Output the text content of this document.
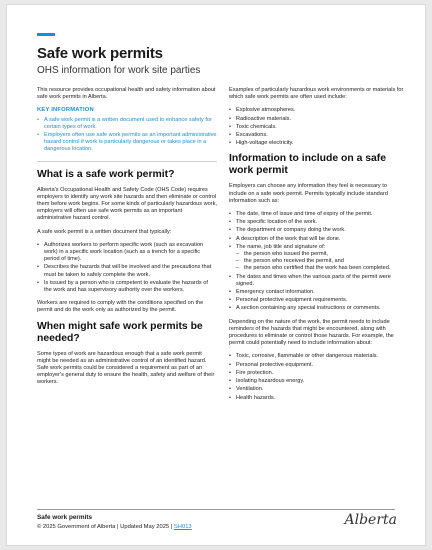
Safe work permits
OHS information for work site parties

This resource provides occupational health and safety information about safe work permits in Alberta.

KEY INFORMATION
• A safe work permit is a written document used to enhance safety for certain types of work.
• Employers often use safe work permits as an important administrative hazard control if work is particularly dangerous or takes place in a dangerous location.
What is a safe work permit?

Alberta's Occupational Health and Safety Code (OHS Code) requires employers to identify any work site hazards and then eliminate or control them before work begins. For some kinds of particularly hazardous work, employers will often use safe work permits as an important administrative hazard control.

A safe work permit is a written document that typically:

• Authorizes workers to perform specific work (such as excavation work) in a specific work location (such as a trench for a specific period of time).
• Describes the hazards that will be involved and the precautions that must be taken to safely complete the work.
• Is issued by a person who is competent to evaluate the hazards of the work and has supervisory authority over the workers.

Workers are required to comply with the conditions specified on the permit and do the work only as authorized by the permit.

When might safe work permits be needed?

Some types of work are hazardous enough that a safe work permit might be needed as an administrative control of an identified hazard. Safe work permits could be considered a requirement as part of an employer's general duty to ensure the health, safety and welfare of their workers.

Examples of particularly hazardous work environments or materials for which safe work permits are often used include:

• Explosive atmospheres.
• Radioactive materials.
• Toxic chemicals.
• Excavations.
• High-voltage electricity.
Information to include on a safe work permit

Employers can choose any information they feel is necessary to include on a safe work permit. Permits typically include standard information such as:

• The date, time of issue and time of expiry of the permit.
• The specific location of the work.
• The department or company doing the work.
• A description of the work that will be done.
• The name, job title and signature of:
– the person who issued the permit,
– the person who received the permit, and
– the person who certified that the work has been completed.
• The dates and times when the various parts of the permit were signed.
• Emergency contact information.
• Personal protective equipment requirements.
• A section containing any special instructions or comments.

Depending on the nature of the work, the permit needs to include reminders of the hazards that might be encountered, along with procedures to eliminate or control those hazards. For example, the permit could potentially need to include information about:

• Toxic, corrosive, flammable or other dangerous materials.
• Personal protective equipment.
• Fire protection.
• Isolating hazardous energy.
• Ventilation.
• Health hazards.
Safe work permits
© 2025 Government of Alberta | Updated May 2025 | SH013	Alberta
